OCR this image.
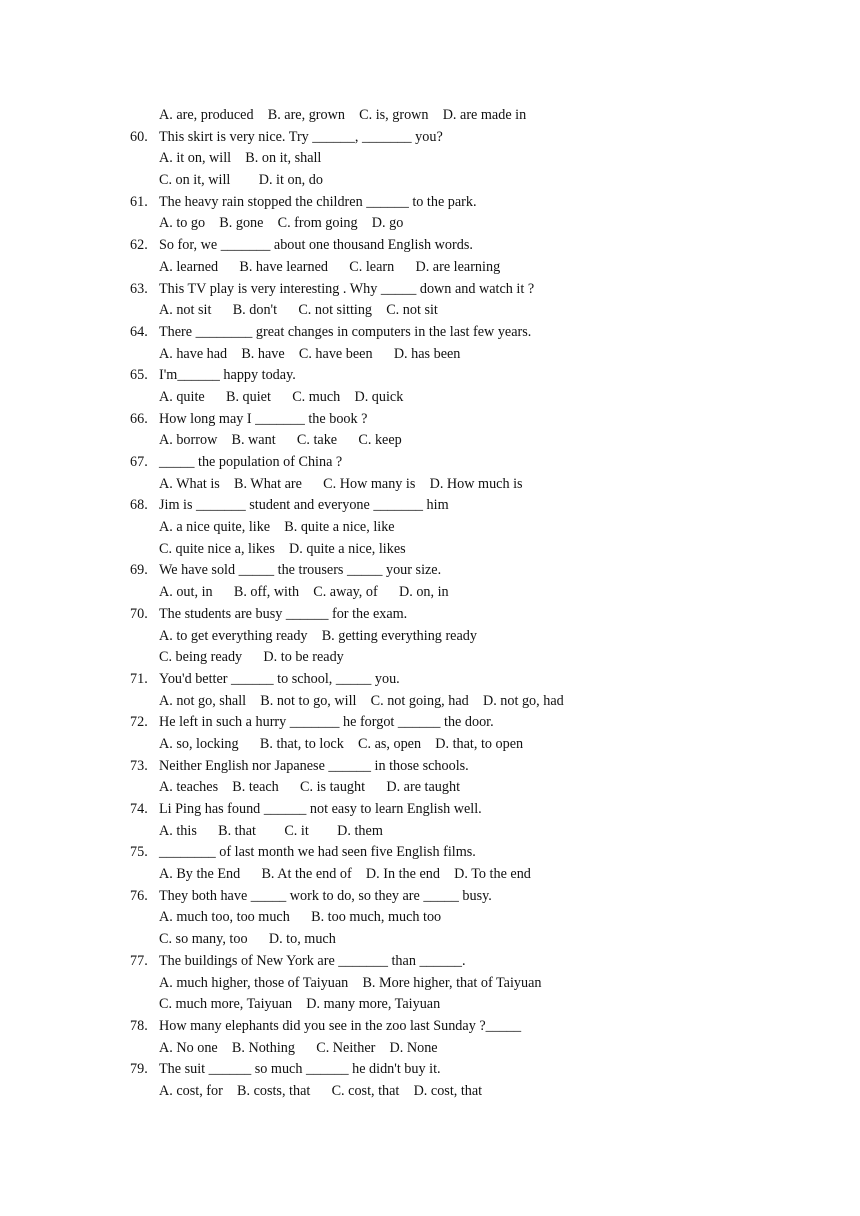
A. are, produced    B. are, grown    C. is, grown    D. are made in
60. This skirt is very nice. Try ______, _______ you?
A. it on, will    B. on it, shall
C. on it, will        D. it on, do
61. The heavy rain stopped the children ______ to the park.
A. to go    B. gone    C. from going    D. go
62. So for, we _______ about one thousand English words.
A. learned      B. have learned      C. learn      D. are learning
63. This TV play is very interesting . Why _____ down and watch it ?
A. not sit      B. don't      C. not sitting    C. not sit
64. There ________ great changes in computers in the last few years.
A. have had    B. have    C. have been      D. has been
65. I'm______ happy today.
A. quite      B. quiet      C. much    D. quick
66. How long may I _______ the book ?
A. borrow    B. want      C. take      C. keep
67. _____ the population of China ?
A. What is    B. What are      C. How many is    D. How much is
68. Jim is _______ student and everyone _______ him
A. a nice quite, like    B. quite a nice, like
C. quite nice a, likes    D. quite a nice, likes
69. We have sold _____ the trousers _____ your size.
A. out, in      B. off, with    C. away, of      D. on, in
70. The students are busy ______ for the exam.
A. to get everything ready    B. getting everything ready
C. being ready      D. to be ready
71. You'd better ______ to school, _____ you.
A. not go, shall    B. not to go, will    C. not going, had    D. not go, had
72. He left in such a hurry _______ he forgot ______ the door.
A. so, locking      B. that, to lock    C. as, open    D. that, to open
73. Neither English nor Japanese ______ in those schools.
A. teaches    B. teach      C. is taught      D. are taught
74. Li Ping has found ______ not easy to learn English well.
A. this      B. that        C. it        D. them
75. ________ of last month we had seen five English films.
A. By the End      B. At the end of    D. In the end    D. To the end
76. They both have _____ work to do, so they are _____ busy.
A. much too, too much      B. too much, much too
C. so many, too      D. to, much
77. The buildings of New York are _______ than ______.
A. much higher, those of Taiyuan    B. More higher, that of Taiyuan
C. much more, Taiyuan    D. many more, Taiyuan
78. How many elephants did you see in the zoo last Sunday ?_____
A. No one    B. Nothing      C. Neither    D. None
79. The suit ______ so much ______ he didn't buy it.
A. cost, for    B. costs, that      C. cost, that    D. cost, that
